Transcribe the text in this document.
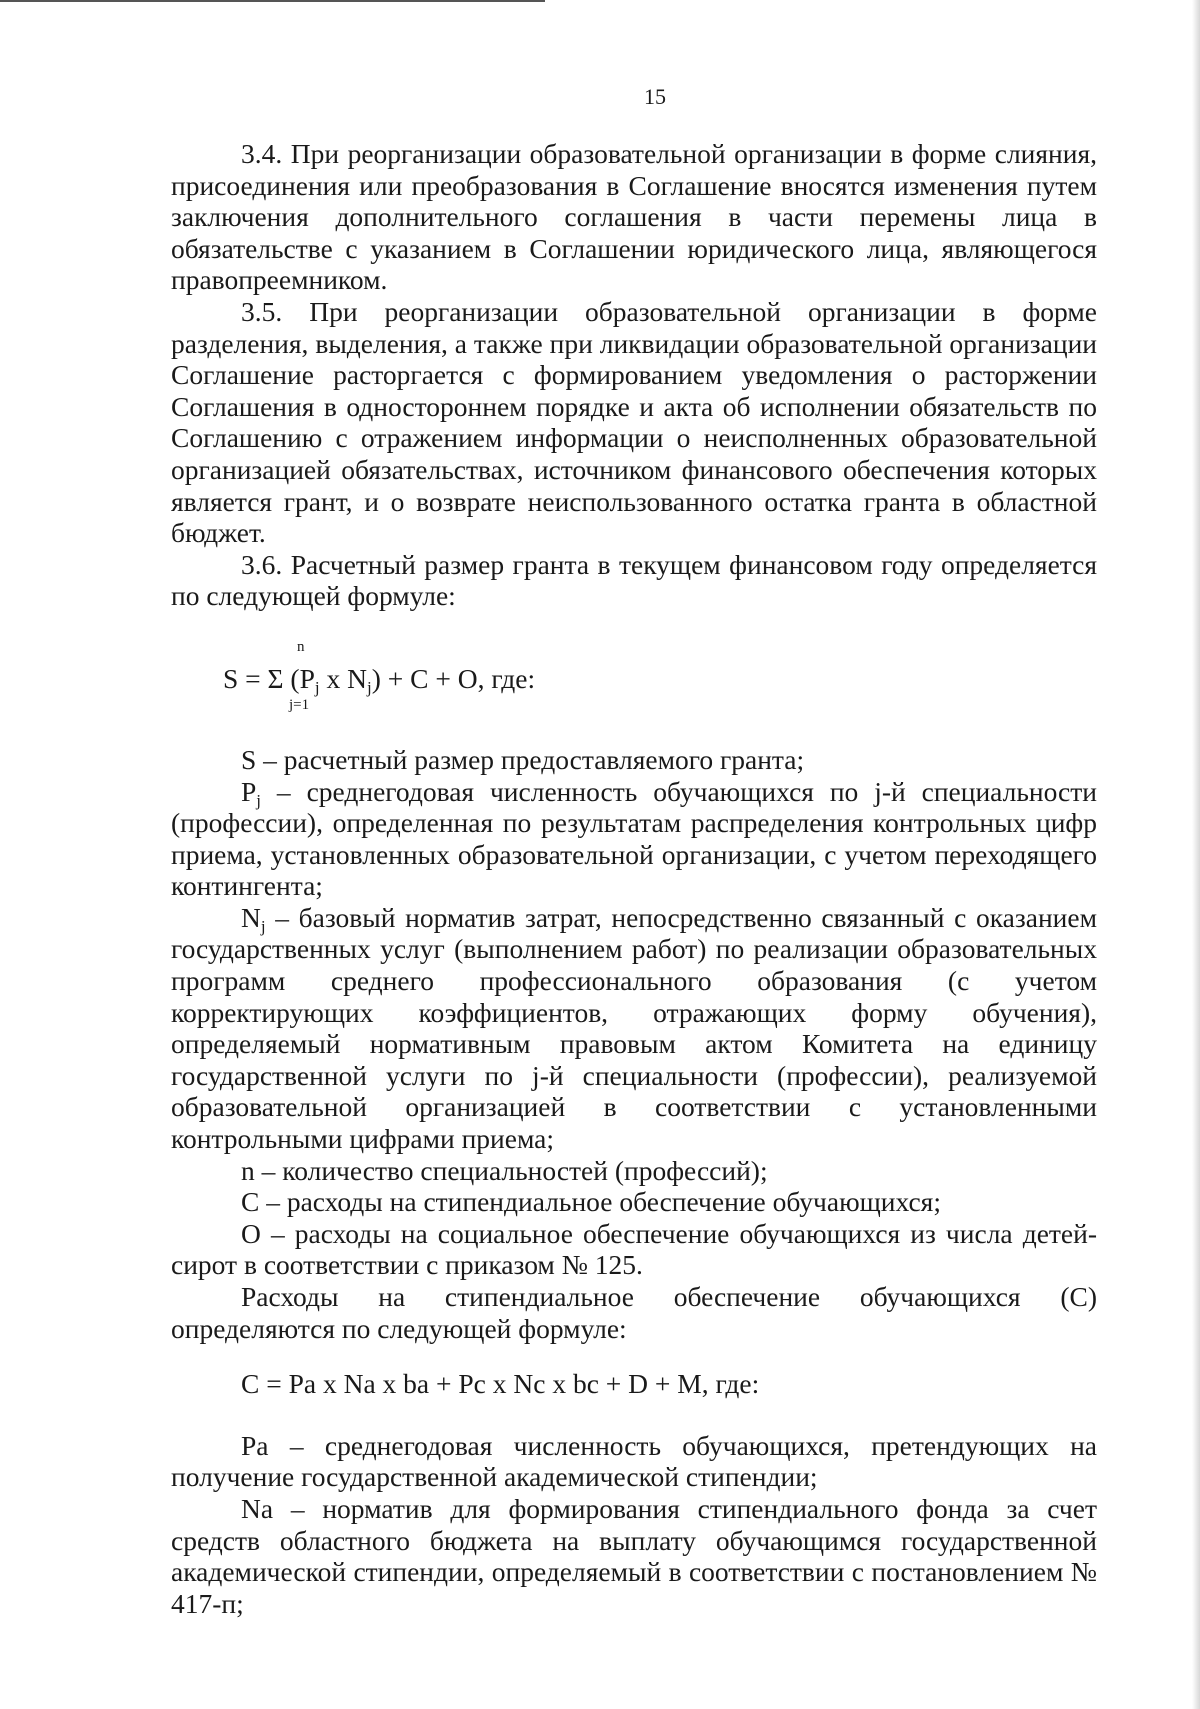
15

3.4. При реорганизации образовательной организации в форме слияния, присоединения или преобразования в Соглашение вносятся изменения путем заключения дополнительного соглашения в части перемены лица в обязательстве с указанием в Соглашении юридического лица, являющегося правопреемником.

3.5. При реорганизации образовательной организации в форме разделения, выделения, а также при ликвидации образовательной организации Соглашение расторгается с формированием уведомления о расторжении Соглашения в одностороннем порядке и акта об исполнении обязательств по Соглашению с отражением информации о неисполненных образовательной организацией обязательствах, источником финансового обеспечения которых является грант, и о возврате неиспользованного остатка гранта в областной бюджет.

3.6. Расчетный размер гранта в текущем финансовом году определяется по следующей формуле:

n
S = Σ ($P_j$ x $N_j) + C + O$, где:
j=1

S – расчетный размер предоставляемого гранта;

$P_j$ – среднегодовая численность обучающихся по j-й специальности (профессии), определенная по результатам распределения контрольных цифр приема, установленных образовательной организации, с учетом переходящего контингента;

$N_j$ – базовый норматив затрат, непосредственно связанный с оказанием государственных услуг (выполнением работ) по реализации образовательных программ среднего профессионального образования (с учетом корректирующих коэффициентов, отражающих форму обучения), определяемый нормативным правовым актом Комитета на единицу государственной услуги по j-й специальности (профессии), реализуемой образовательной организацией в соответствии с установленными контрольными цифрами приема;

n – количество специальностей (профессий);

C – расходы на стипендиальное обеспечение обучающихся;

O – расходы на социальное обеспечение обучающихся из числа детей-сирот в соответствии с приказом № 125.

Расходы на стипендиальное обеспечение обучающихся (C) определяются по следующей формуле:

C = Pa x Na x ba + Pc x Nc x bc + D + M, где:

Pa – среднегодовая численность обучающихся, претендующих на получение государственной академической стипендии;

Na – норматив для формирования стипендиального фонда за счет средств областного бюджета на выплату обучающимся государственной академической стипендии, определяемый в соответствии с постановлением № 417-п;
